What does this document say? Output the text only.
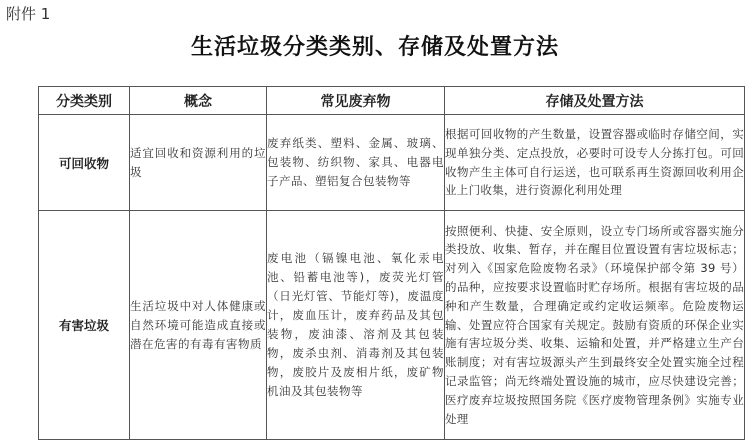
附件 1
生活垃圾分类类别、存储及处置方法
分类类别	概念	常见废弃物	存储及处置方法
可回收物	适宜回收和资源利用的垃圾	废弃纸类、塑料、金属、玻璃、包装物、纺织物、家具、电器电子产品、塑铝复合包装物等	根据可回收物的产生数量，设置容器或临时存储空间，实现单独分类、定点投放，必要时可设专人分拣打包。可回收物产生主体可自行运送，也可联系再生资源回收利用企业上门收集，进行资源化利用处理
有害垃圾	生活垃圾中对人体健康或自然环境可能造成直接或潜在危害的有毒有害物质	废电池（镉镍电池、氧化汞电池、铅蓄电池等)，废荧光灯管（日光灯管、节能灯等)，废温度计，废血压计，废弃药品及其包装物，废油漆、溶剂及其包装物，废杀虫剂、消毒剂及其包装物，废胶片及废相片纸，废矿物机油及其包装物等	按照便利、快捷、安全原则，设立专门场所或容器实施分类投放、收集、暂存，并在醒目位置设置有害垃圾标志；对列入《国家危险废物名录》（环境保护部令第 39 号）的品种，应按要求设置临时贮存场所。根据有害垃圾的品种和产生数量，合理确定或约定收运频率。危险废物运输、处置应符合国家有关规定。鼓励有资质的环保企业实施有害垃圾分类、收集、运输和处置，并严格建立生产台账制度；对有害垃圾源头产生到最终安全处置实施全过程记录监管；尚无终端处置设施的城市，应尽快建设完善；医疗废弃垃圾按照国务院《医疗废物管理条例》实施专业处理
